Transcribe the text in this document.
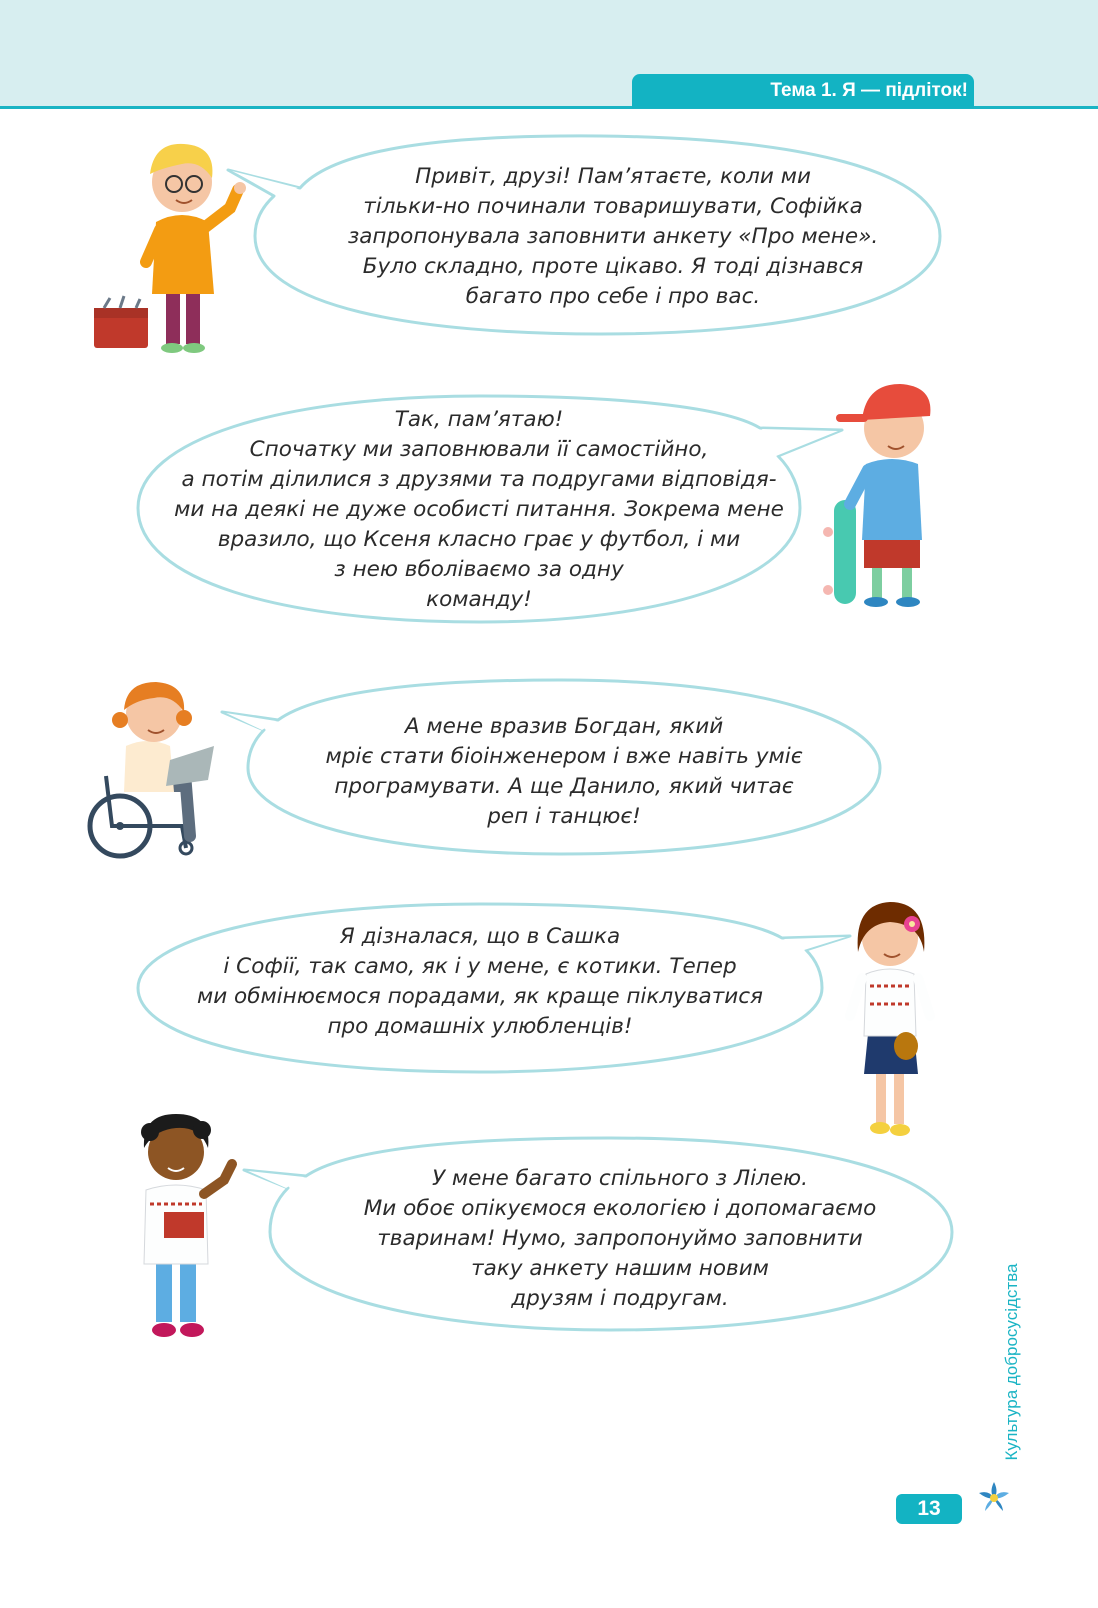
Тема 1. Я — підліток!
Привіт, друзі! Пам’ятаєте, коли ми
тільки-но починали товаришувати, Софійка
запропонувала заповнити анкету «Про мене».
Було складно, проте цікаво. Я тоді дізнався
багато про себе і про вас.
Так, пам’ятаю!
Спочатку ми заповнювали її самостійно,
а потім ділилися з друзями та подругами відповідя-
ми на деякі не дуже особисті питання. Зокрема мене
вразило, що Ксеня класно грає у футбол, і ми
з нею вболіваємо за одну
команду!
А мене вразив Богдан, який
мріє стати біоінженером і вже навіть уміє
програмувати. А ще Данило, який читає
реп і танцює!
Я дізналася, що в Сашка
і Софії, так само, як і у мене, є котики. Тепер
ми обмінюємося порадами, як краще піклуватися
про домашніх улюбленців!
У мене багато спільного з Лілею.
Ми обоє опікуємося екологією і допомагаємо
тваринам! Нумо, запропонуймо заповнити
таку анкету нашим новим
друзям і подругам.	Культура добросусідства
13
